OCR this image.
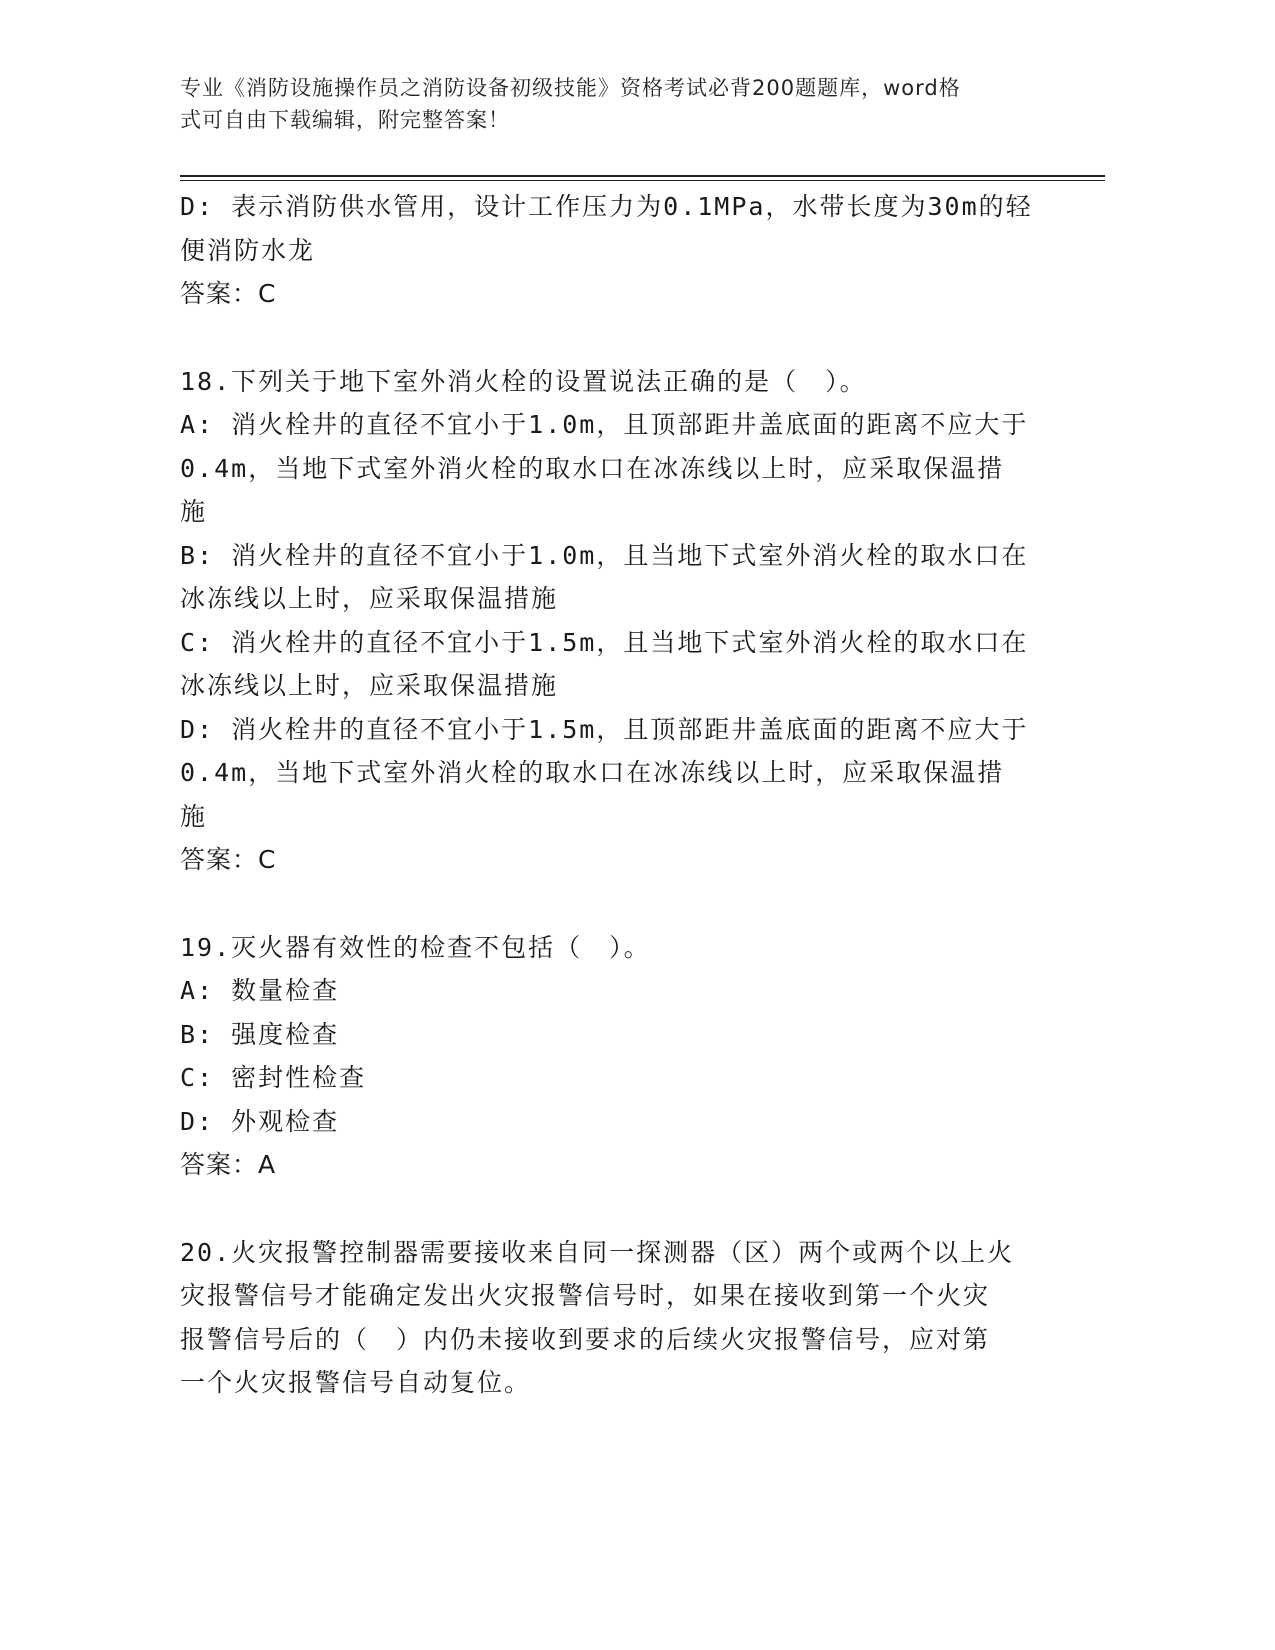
专业《消防设施操作员之消防设备初级技能》资格考试必背200题题库，word格
式可自由下载编辑，附完整答案！
D: 表示消防供水管用，设计工作压力为0.1MPa，水带长度为30m的轻
便消防水龙
答案：C
18.下列关于地下室外消火栓的设置说法正确的是（　）。
A: 消火栓井的直径不宜小于1.0m，且顶部距井盖底面的距离不应大于
0.4m，当地下式室外消火栓的取水口在冰冻线以上时，应采取保温措
施
B: 消火栓井的直径不宜小于1.0m，且当地下式室外消火栓的取水口在
冰冻线以上时，应采取保温措施
C: 消火栓井的直径不宜小于1.5m，且当地下式室外消火栓的取水口在
冰冻线以上时，应采取保温措施
D: 消火栓井的直径不宜小于1.5m，且顶部距井盖底面的距离不应大于
0.4m，当地下式室外消火栓的取水口在冰冻线以上时，应采取保温措
施
答案：C
19.灭火器有效性的检查不包括（　）。
A: 数量检查
B: 强度检查
C: 密封性检查
D: 外观检查
答案：A
20.火灾报警控制器需要接收来自同一探测器（区）两个或两个以上火
灾报警信号才能确定发出火灾报警信号时，如果在接收到第一个火灾
报警信号后的（　）内仍未接收到要求的后续火灾报警信号，应对第
一个火灾报警信号自动复位。
